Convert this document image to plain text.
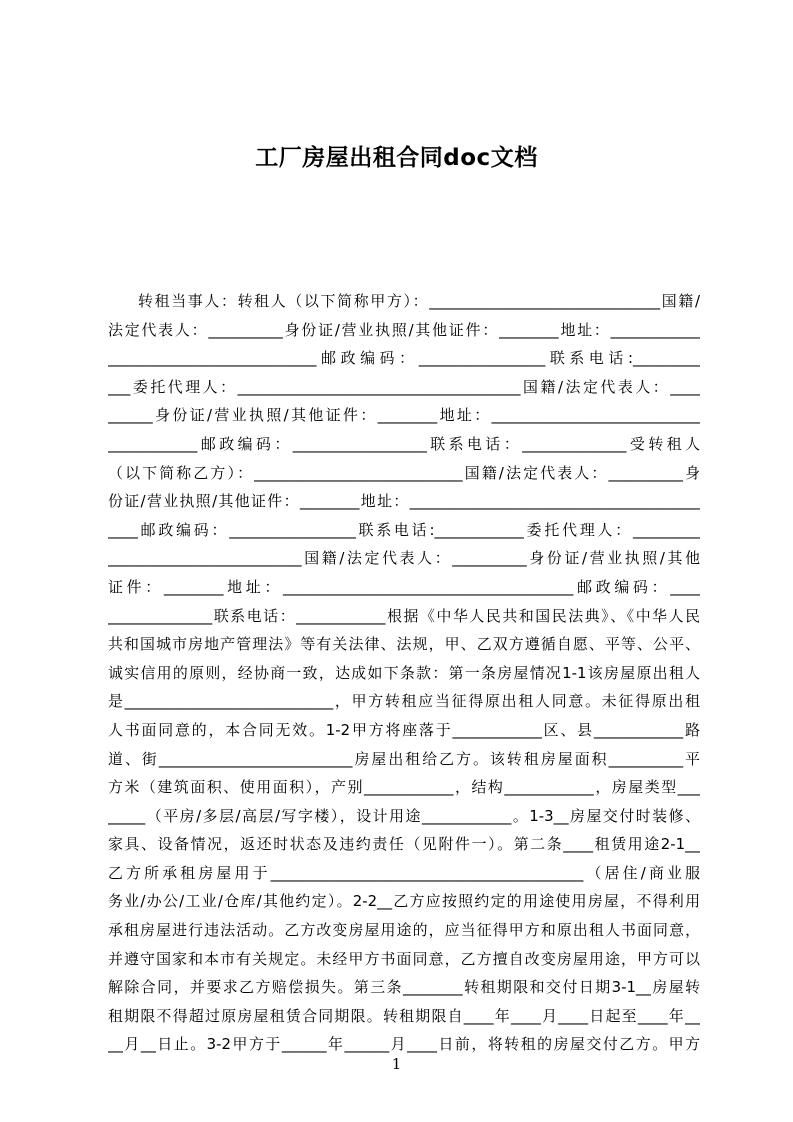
工厂房屋出租合同doc文档
转租当事人：转租人（以下简称甲方）：_______________________________国籍/
法定代表人：__________身份证/营业执照/其他证件：________地址：____________
____________________________邮政编码：_________________联系电话:_________
___委托代理人：______________________________________国籍/法定代表人：____
______身份证/营业执照/其他证件：________地址：____________________________
____________邮政编码：__________________联系电话：______________受转租人
（以下简称乙方）：____________________________国籍/法定代表人：__________身
份证/营业执照/其他证件：________地址：_______________________________________
____邮政编码：_________________联系电话:____________委托代理人：_________
__________________________国籍/法定代表人：__________身份证/营业执照/其他
证件：________地址：_______________________________________邮政编码：____
______________联系电话：____________根据《中华人民共和国民法典》、《中华人民
共和国城市房地产管理法》等有关法律、法规，甲、乙双方遵循自愿、平等、公平、
诚实信用的原则，经协商一致，达成如下条款：第一条房屋情况1-1该房屋原出租人
是____________________________，甲方转租应当征得原出租人同意。未征得原出租
人书面同意的，本合同无效。1-2甲方将座落于____________区、县____________路
道、街__________________________房屋出租给乙方。该转租房屋面积__________平
方米（建筑面积、使用面积），产别____________，结构____________，房屋类型___
_____（平房/多层/高层/写字楼），设计用途____________。1-3__房屋交付时装修、
家具、设备情况，返还时状态及违约责任（见附件一）。第二条____租赁用途2-1__
乙方所承租房屋用于__________________________________________（居住/商业服
务业/办公/工业/仓库/其他约定）。2-2__乙方应按照约定的用途使用房屋，不得利用
承租房屋进行违法活动。乙方改变房屋用途的，应当征得甲方和原出租人书面同意，
并遵守国家和本市有关规定。未经甲方书面同意，乙方擅自改变房屋用途，甲方可以
解除合同，并要求乙方赔偿损失。第三条________转租期限和交付日期3-1__房屋转
租期限不得超过原房屋租赁合同期限。转租期限自____年____月____日起至____年__
__月__日止。3-2甲方于______年______月____日前，将转租的房屋交付乙方。甲方
1
